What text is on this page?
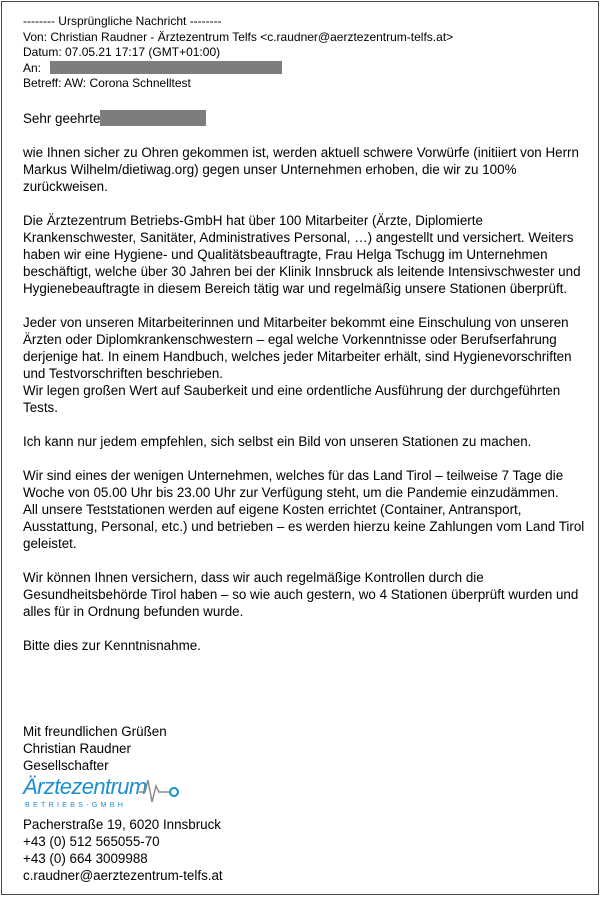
-------- Ursprüngliche Nachricht --------
Von: Christian Raudner - Ärztezentrum Telfs <c.raudner@aerztezentrum-telfs.at>
Datum: 07.05.21 17:17 (GMT+01:00)
An:
Betreff: AW: Corona Schnelltest

Sehr geehrte

wie Ihnen sicher zu Ohren gekommen ist, werden aktuell schwere Vorwürfe (initiiert von Herrn Markus Wilhelm/dietiwag.org) gegen unser Unternehmen erhoben, die wir zu 100% zurückweisen.

Die Ärztezentrum Betriebs-GmbH hat über 100 Mitarbeiter (Ärzte, Diplomierte Krankenschwester, Sanitäter, Administratives Personal, …) angestellt und versichert. Weiters haben wir eine Hygiene- und Qualitätsbeauftragte, Frau Helga Tschugg im Unternehmen beschäftigt, welche über 30 Jahren bei der Klinik Innsbruck als leitende Intensivschwester und Hygienebeauftragte in diesem Bereich tätig war und regelmäßig unsere Stationen überprüft.

Jeder von unseren Mitarbeiterinnen und Mitarbeiter bekommt eine Einschulung von unseren Ärzten oder Diplomkrankenschwestern – egal welche Vorkenntnisse oder Berufserfahrung derjenige hat. In einem Handbuch, welches jeder Mitarbeiter erhält, sind Hygienevorschriften und Testvorschriften beschrieben.

Wir legen großen Wert auf Sauberkeit und eine ordentliche Ausführung der durchgeführten Tests.

Ich kann nur jedem empfehlen, sich selbst ein Bild von unseren Stationen zu machen.

Wir sind eines der wenigen Unternehmen, welches für das Land Tirol – teilweise 7 Tage die Woche von 05.00 Uhr bis 23.00 Uhr zur Verfügung steht, um die Pandemie einzudämmen.

All unsere Teststationen werden auf eigene Kosten errichtet (Container, Antransport, Ausstattung, Personal, etc.) und betrieben – es werden hierzu keine Zahlungen vom Land Tirol geleistet.

Wir können Ihnen versichern, dass wir auch regelmäßige Kontrollen durch die Gesundheitsbehörde Tirol haben – so wie auch gestern, wo 4 Stationen überprüft wurden und alles für in Ordnung befunden wurde.

Bitte dies zur Kenntnisnahme.

Mit freundlichen Grüßen
Christian Raudner
Gesellschafter
Ärztezentrum
BETRIEBS-GMBH
Pacherstraße 19, 6020 Innsbruck
+43 (0) 512 565055-70
+43 (0) 664 3009988
c.raudner@aerztezentrum-telfs.at
